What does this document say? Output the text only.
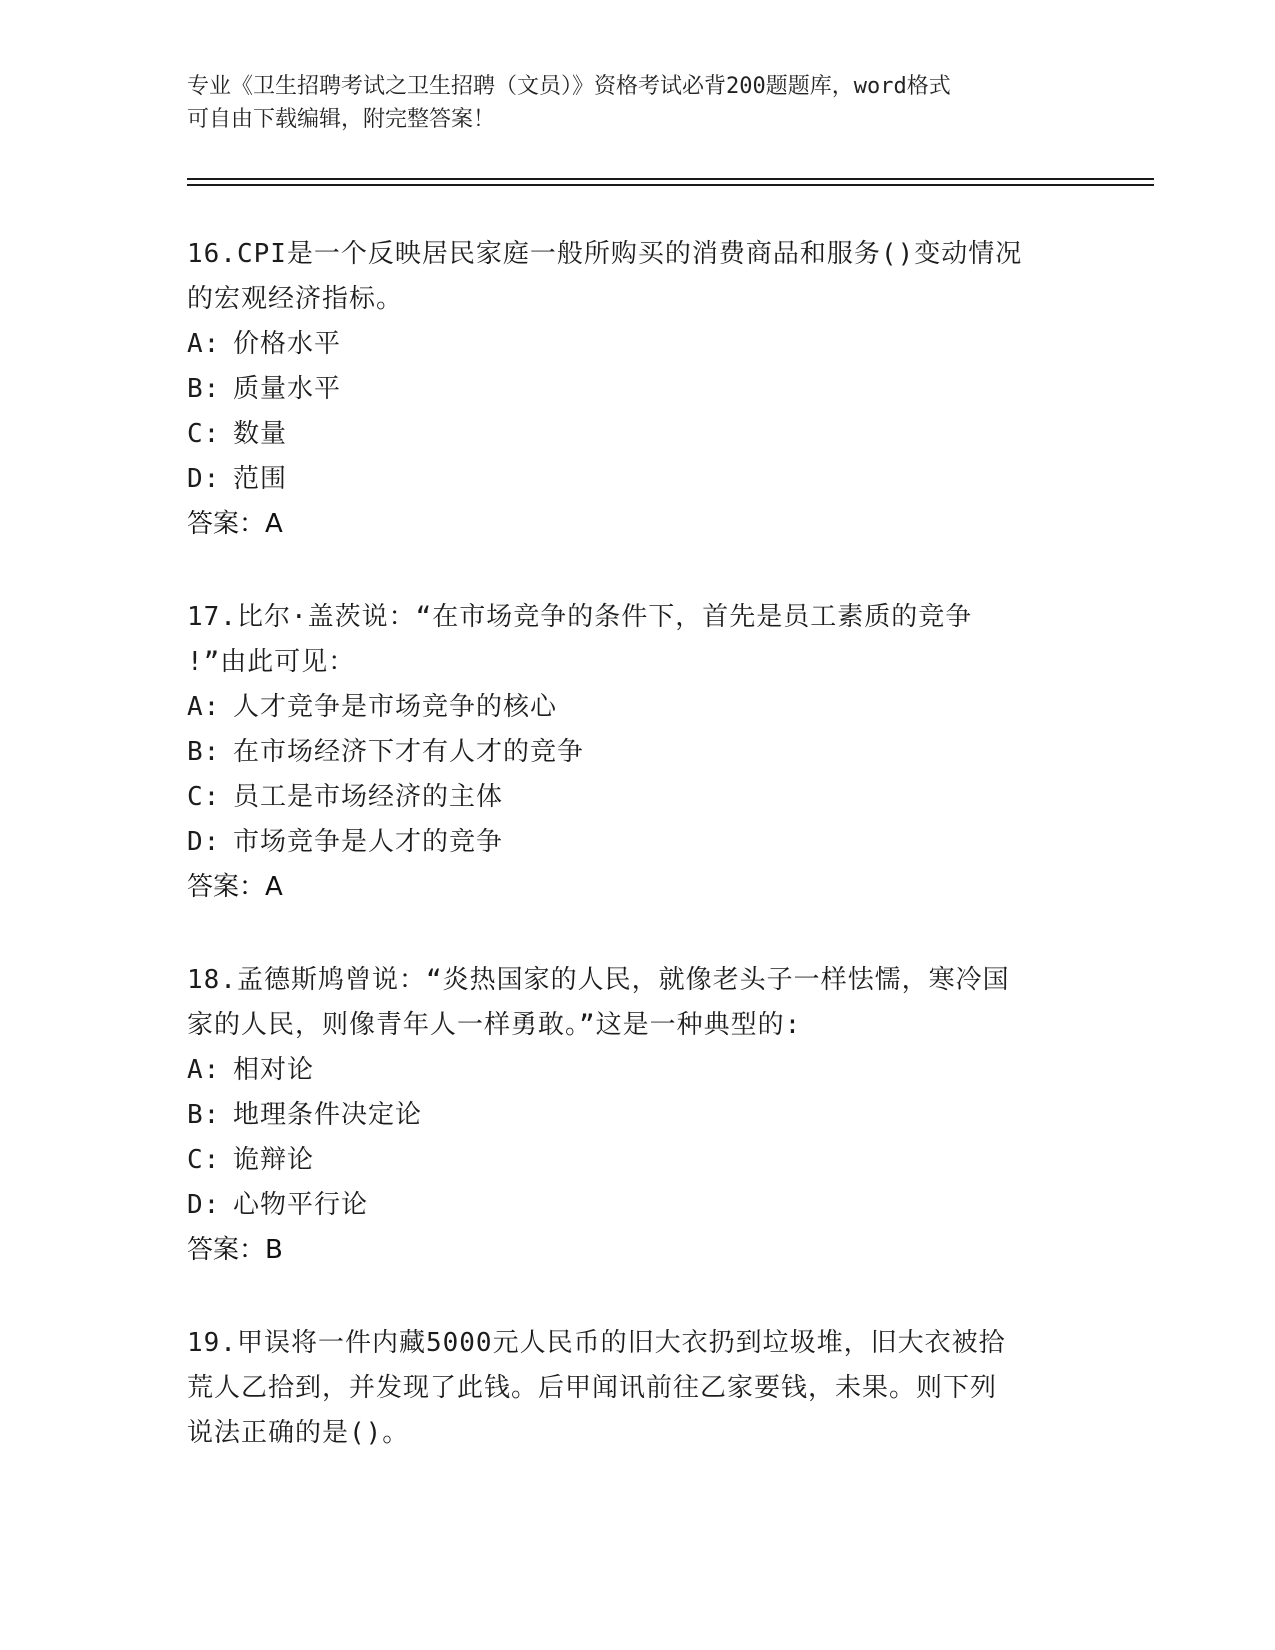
专业《卫生招聘考试之卫生招聘（文员）》资格考试必背200题题库，word格式
可自由下载编辑，附完整答案！
16.CPI是一个反映居民家庭一般所购买的消费商品和服务()变动情况
的宏观经济指标。
A: 价格水平
B: 质量水平
C: 数量
D: 范围
答案：A
17.比尔·盖茨说：“在市场竞争的条件下，首先是员工素质的竞争
!”由此可见：
A: 人才竞争是市场竞争的核心
B: 在市场经济下才有人才的竞争
C: 员工是市场经济的主体
D: 市场竞争是人才的竞争
答案：A
18.孟德斯鸠曾说：“炎热国家的人民，就像老头子一样怯懦，寒冷国
家的人民，则像青年人一样勇敢。”这是一种典型的:
A: 相对论
B: 地理条件决定论
C: 诡辩论
D: 心物平行论
答案：B
19.甲误将一件内藏5000元人民币的旧大衣扔到垃圾堆，旧大衣被拾
荒人乙拾到，并发现了此钱。后甲闻讯前往乙家要钱，未果。则下列
说法正确的是()。
